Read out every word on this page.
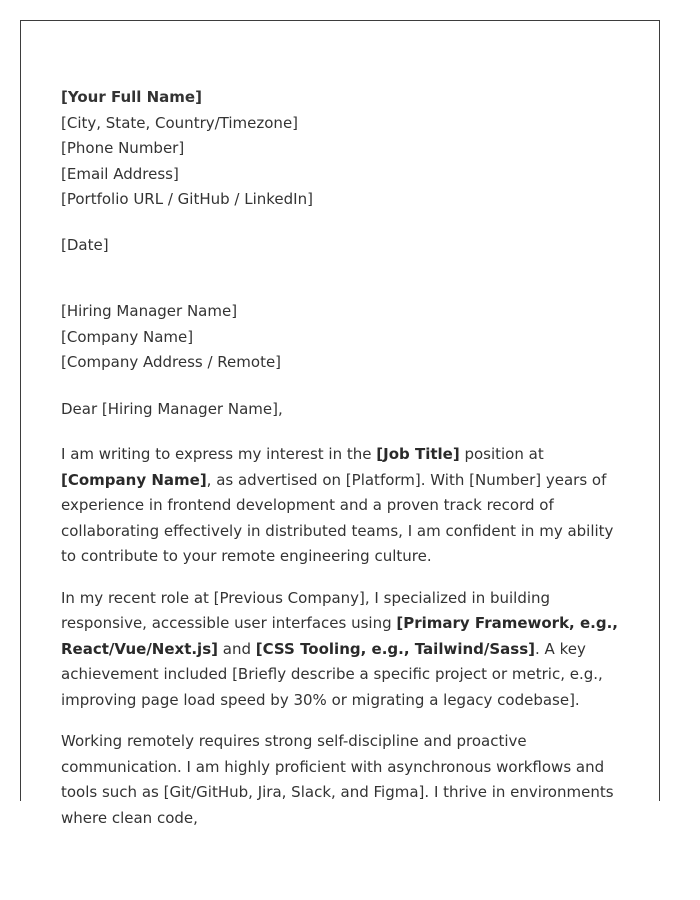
[Your Full Name]
[City, State, Country/Timezone]
[Phone Number]
[Email Address]
[Portfolio URL / GitHub / LinkedIn]
[Date]
[Hiring Manager Name]
[Company Name]
[Company Address / Remote]
Dear [Hiring Manager Name],

I am writing to express my interest in the [Job Title] position at [Company Name], as advertised on [Platform]. With [Number] years of experience in frontend development and a proven track record of collaborating effectively in distributed teams, I am confident in my ability to contribute to your remote engineering culture.

In my recent role at [Previous Company], I specialized in building responsive, accessible user interfaces using [Primary Framework, e.g., React/Vue/Next.js] and [CSS Tooling, e.g., Tailwind/Sass]. A key achievement included [Briefly describe a specific project or metric, e.g., improving page load speed by 30% or migrating a legacy codebase].

Working remotely requires strong self-discipline and proactive communication. I am highly proficient with asynchronous workflows and tools such as [Git/GitHub, Jira, Slack, and Figma]. I thrive in environments where clean code,
